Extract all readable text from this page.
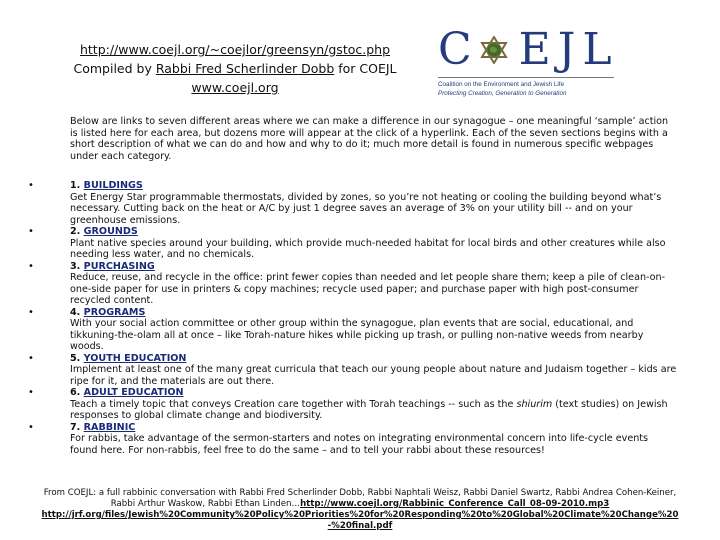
http://www.coejl.org/~coejlor/greensyn/gstoc.php
Compiled by Rabbi Fred Scherlinder Dobb for COEJL
www.coejl.org
C EJL
Coalition on the Environment and Jewish Life
Protecting Creation, Generation to Generation
Below are links to seven different areas where we can make a difference in our synagogue – one meaningful ‘sample’ action is listed here for each area, but dozens more will appear at the click of a hyperlink. Each of the seven sections begins with a short description of what we can do and how and why to do it; much more detail is found in numerous specific webpages under each category.
•	1. BUILDINGS
Get Energy Star programmable thermostats, divided by zones, so you’re not heating or cooling the building beyond what’s necessary. Cutting back on the heat or A/C by just 1 degree saves an average of 3% on your utility bill -- and on your greenhouse emissions.
•	2. GROUNDS
Plant native species around your building, which provide much-needed habitat for local birds and other creatures while also needing less water, and no chemicals.
•	3. PURCHASING
Reduce, reuse, and recycle in the office: print fewer copies than needed and let people share them; keep a pile of clean-on-one-side paper for use in printers & copy machines; recycle used paper; and purchase paper with high post-consumer recycled content.
•	4. PROGRAMS
With your social action committee or other group within the synagogue, plan events that are social, educational, and tikkuning-the-olam all at once – like Torah-nature hikes while picking up trash, or pulling non-native weeds from nearby woods.
•	5. YOUTH EDUCATION
Implement at least one of the many great curricula that teach our young people about nature and Judaism together – kids are ripe for it, and the materials are out there.
•	6. ADULT EDUCATION
Teach a timely topic that conveys Creation care together with Torah teachings -- such as the shiurim (text studies) on Jewish responses to global climate change and biodiversity.
•	7. RABBINIC
For rabbis, take advantage of the sermon-starters and notes on integrating environmental concern into life-cycle events found here. For non-rabbis, feel free to do the same – and to tell your rabbi about these resources!
From COEJL: a full rabbinic conversation with Rabbi Fred Scherlinder Dobb, Rabbi Naphtali Weisz, Rabbi Daniel Swartz, Rabbi Andrea Cohen-Keiner, Rabbi Arthur Waskow, Rabbi Ethan Linden…http://www.coejl.org/Rabbinic_Conference_Call_08-09-2010.mp3
http://jrf.org/files/Jewish%20Community%20Policy%20Priorities%20for%20Responding%20to%20Global%20Climate%20Change%20-%20final.pdf
